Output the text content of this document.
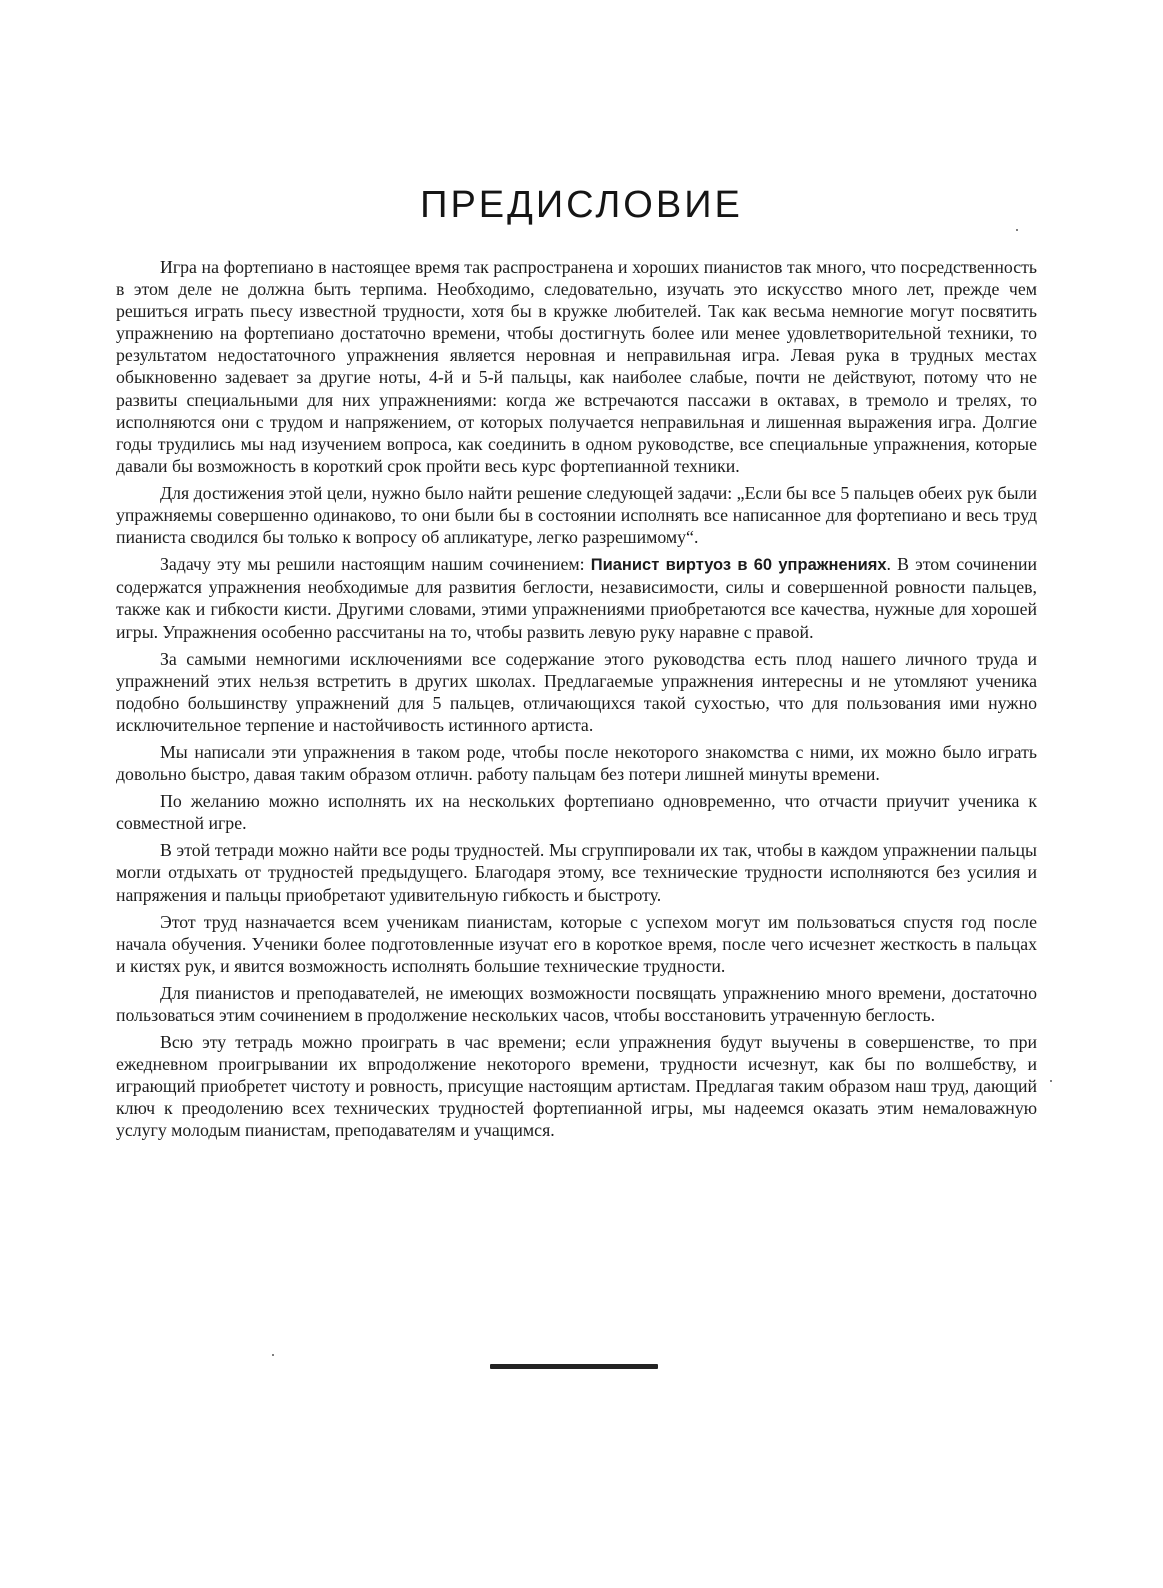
ПРЕДИСЛОВИЕ

Игра на фортепиано в настоящее время так распространена и хороших пианистов так много, что посредственность в этом деле не должна быть терпима. Необходимо, следовательно, изучать это искусство много лет, прежде чем решиться играть пьесу известной трудности, хотя бы в кружке любителей. Так как весьма немногие могут посвятить упражнению на фортепиано достаточно времени, чтобы достигнуть более или менее удовлетворительной техники, то результатом недостаточного упражнения является неровная и неправильная игра. Левая рука в трудных местах обыкновенно задевает за другие ноты, 4-й и 5-й пальцы, как наиболее слабые, почти не действуют, потому что не развиты специальными для них упражнениями: когда же встречаются пассажи в октавах, в тремоло и трелях, то исполняются они с трудом и напряжением, от которых получается неправильная и лишенная выражения игра. Долгие годы трудились мы над изучением вопроса, как соединить в одном руководстве, все специальные упражнения, которые давали бы возможность в короткий срок пройти весь курс фортепианной техники.

Для достижения этой цели, нужно было найти решение следующей задачи: „Если бы все 5 пальцев обеих рук были упражняемы совершенно одинаково, то они были бы в состоянии исполнять все написанное для фортепиано и весь труд пианиста сводился бы только к вопросу об апликатуре, легко разрешимому“.

Задачу эту мы решили настоящим нашим сочинением: Пианист виртуоз в 60 упражнениях. В этом сочинении содержатся упражнения необходимые для развития беглости, независимости, силы и совершенной ровности пальцев, также как и гибкости кисти. Другими словами, этими упражнениями приобретаются все качества, нужные для хорошей игры. Упражнения особенно рассчитаны на то, чтобы развить левую руку наравне с правой.

За самыми немногими исключениями все содержание этого руководства есть плод нашего личного труда и упражнений этих нельзя встретить в других школах. Предлагаемые упражнения интересны и не утомляют ученика подобно большинству упражнений для 5 пальцев, отличающихся такой сухостью, что для пользования ими нужно исключительное терпение и настойчивость истинного артиста.

Мы написали эти упражнения в таком роде, чтобы после некоторого знакомства с ними, их можно было играть довольно быстро, давая таким образом отличн. работу пальцам без потери лишней минуты времени.

По желанию можно исполнять их на нескольких фортепиано одновременно, что отчасти приучит ученика к совместной игре.

В этой тетради можно найти все роды трудностей. Мы сгруппировали их так, чтобы в каждом упражнении пальцы могли отдыхать от трудностей предыдущего. Благодаря этому, все технические трудности исполняются без усилия и напряжения и пальцы приобретают удивительную гибкость и быстроту.

Этот труд назначается всем ученикам пианистам, которые с успехом могут им пользоваться спустя год после начала обучения. Ученики более подготовленные изучат его в короткое время, после чего исчезнет жесткость в пальцах и кистях рук, и явится возможность исполнять большие технические трудности.

Для пианистов и преподавателей, не имеющих возможности посвящать упражнению много времени, достаточно пользоваться этим сочинением в продолжение нескольких часов, чтобы восстановить утраченную беглость.

Всю эту тетрадь можно проиграть в час времени; если упражнения будут выучены в совершенстве, то при ежедневном проигрывании их впродолжение некоторого времени, трудности исчезнут, как бы по волшебству, и играющий приобретет чистоту и ровность, присущие настоящим артистам. Предлагая таким образом наш труд, дающий ключ к преодолению всех технических трудностей фортепианной игры, мы надеемся оказать этим немаловажную услугу молодым пианистам, преподавателям и учащимся.
